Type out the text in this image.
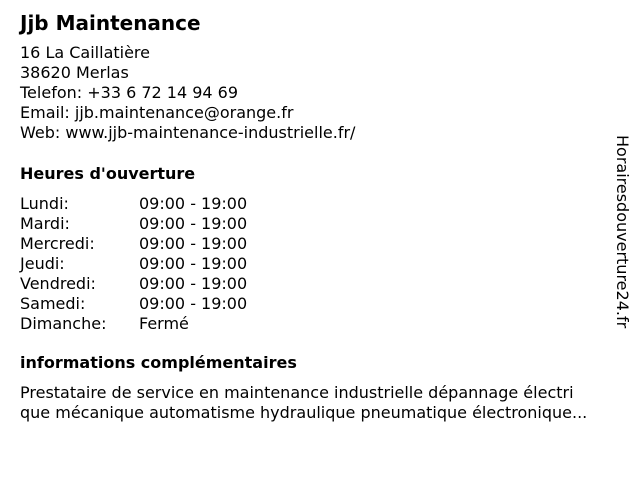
Jjb Maintenance
16 La Caillatière
38620 Merlas
Telefon: +33 6 72 14 94 69
Email: jjb.maintenance@orange.fr
Web: www.jjb-maintenance-industrielle.fr/
Heures d'ouverture
Lundi:	09:00 - 19:00
Mardi:	09:00 - 19:00
Mercredi:	09:00 - 19:00
Jeudi:	09:00 - 19:00
Vendredi:	09:00 - 19:00
Samedi:	09:00 - 19:00
Dimanche: Fermé
informations complémentaires
Prestataire de service en maintenance industrielle dépannage électri
que mécanique automatisme hydraulique pneumatique électronique...
Horairesdouverture24.fr
